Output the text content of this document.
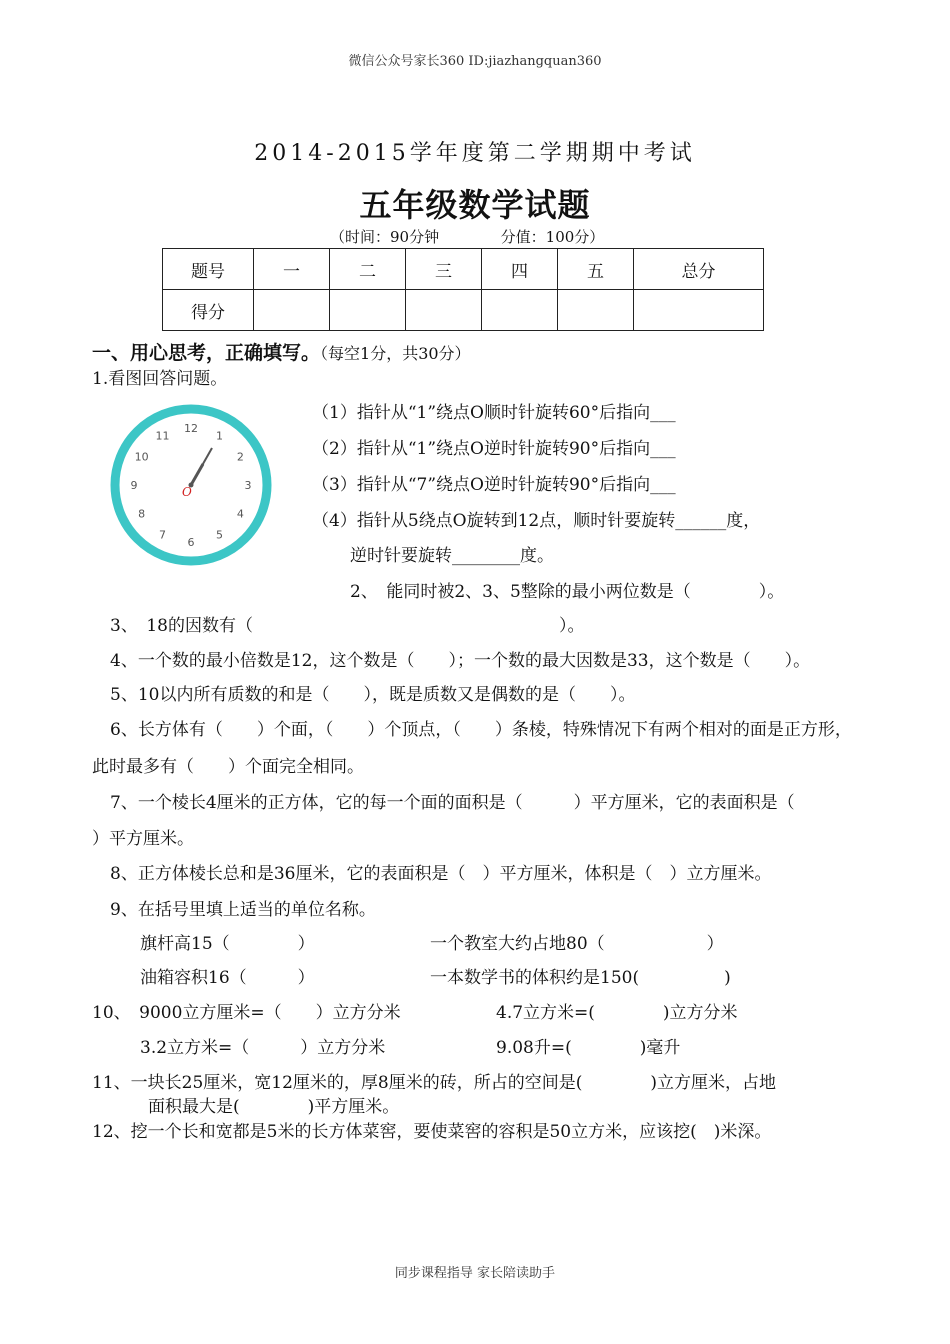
微信公众号家长360 ID:jiazhangquan360
2014-2015学年度第二学期期中考试
五年级数学试题
（时间：90分钟	分值：100分）
题号	一	二	三	四	五	总分
得分						
一、用心思考，正确填写。（每空1分，共30分）
1.看图回答问题。
12
1
2
3
4
5
6
7
8
9
10
11
O
（1）指针从“1”绕点O顺时针旋转60°后指向___
（2）指针从“1”绕点O逆时针旋转90°后指向___
（3）指针从“7”绕点O逆时针旋转90°后指向___
（4）指针从5绕点O旋转到12点，顺时针要旋转______度，
逆时针要旋转________度。
2、　能同时被2、3、5整除的最小两位数是（　　　　）。
3、　18的因数有（　　　　　　　　　　　　　　　　　　）。
4、一个数的最小倍数是12，这个数是（　　）；一个数的最大因数是33，这个数是（　　）。
5、10以内所有质数的和是（　　），既是质数又是偶数的是（　　）。
6、长方体有（　　）个面，（　　）个顶点，（　　）条棱，特殊情况下有两个相对的面是正方形，
此时最多有（　　）个面完全相同。
7、一个棱长4厘米的正方体，它的每一个面的面积是（　　　）平方厘米，它的表面积是（
）平方厘米。
8、正方体棱长总和是36厘米，它的表面积是（　）平方厘米，体积是（　）立方厘米。
9、在括号里填上适当的单位名称。
旗杆高15（　　　　）	一个教室大约占地80（　　　　　　）
油箱容积16（　　　）	一本数学书的体积约是150(　　　　　)
10、　9000立方厘米=（　　）立方分米	4.7立方米=(　　　　)立方分米
3.2立方米=（　　　）立方分米	9.08升=(　　　　)毫升
11、一块长25厘米，宽12厘米的，厚8厘米的砖，所占的空间是(　　　　)立方厘米，占地
面积最大是(　　　　)平方厘米。
12、挖一个长和宽都是5米的长方体菜窖，要使菜窖的容积是50立方米，应该挖(　)米深。
同步课程指导 家长陪读助手
